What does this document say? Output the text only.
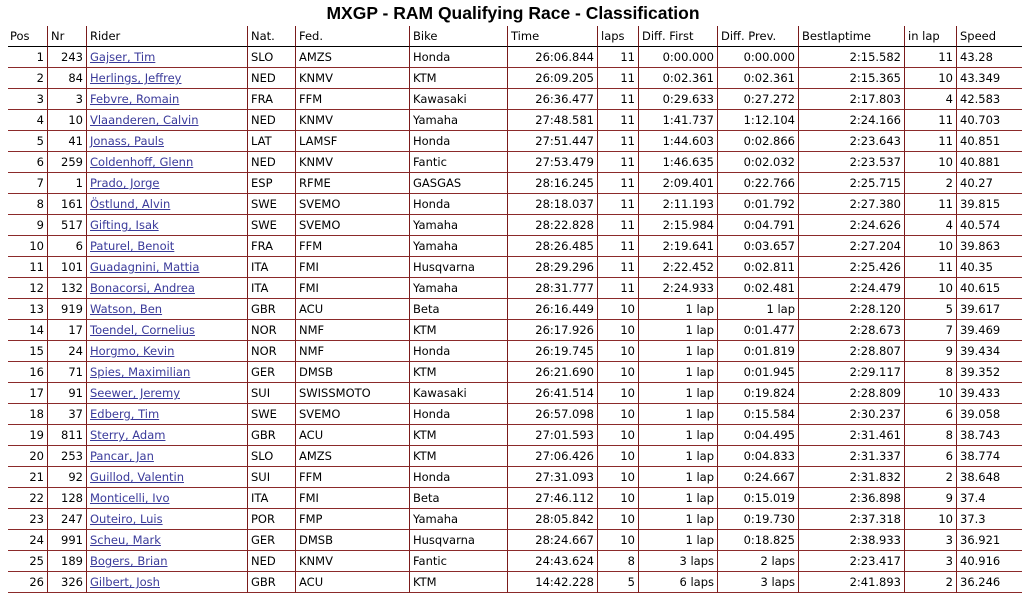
MXGP - RAM Qualifying Race - Classification
Pos	Nr	Rider	Nat.	Fed.	Bike	Time	laps	Diff. First	Diff. Prev.	Bestlaptime	in lap	Speed
1	243	Gajser, Tim	SLO	AMZS	Honda	26:06.844	11	0:00.000	0:00.000	2:15.582	11	43.28
2	84	Herlings, Jeffrey	NED	KNMV	KTM	26:09.205	11	0:02.361	0:02.361	2:15.365	10	43.349
3	3	Febvre, Romain	FRA	FFM	Kawasaki	26:36.477	11	0:29.633	0:27.272	2:17.803	4	42.583
4	10	Vlaanderen, Calvin	NED	KNMV	Yamaha	27:48.581	11	1:41.737	1:12.104	2:24.166	11	40.703
5	41	Jonass, Pauls	LAT	LAMSF	Honda	27:51.447	11	1:44.603	0:02.866	2:23.643	11	40.851
6	259	Coldenhoff, Glenn	NED	KNMV	Fantic	27:53.479	11	1:46.635	0:02.032	2:23.537	10	40.881
7	1	Prado, Jorge	ESP	RFME	GASGAS	28:16.245	11	2:09.401	0:22.766	2:25.715	2	40.27
8	161	Östlund, Alvin	SWE	SVEMO	Honda	28:18.037	11	2:11.193	0:01.792	2:27.380	11	39.815
9	517	Gifting, Isak	SWE	SVEMO	Yamaha	28:22.828	11	2:15.984	0:04.791	2:24.626	4	40.574
10	6	Paturel, Benoit	FRA	FFM	Yamaha	28:26.485	11	2:19.641	0:03.657	2:27.204	10	39.863
11	101	Guadagnini, Mattia	ITA	FMI	Husqvarna	28:29.296	11	2:22.452	0:02.811	2:25.426	11	40.35
12	132	Bonacorsi, Andrea	ITA	FMI	Yamaha	28:31.777	11	2:24.933	0:02.481	2:24.479	10	40.615
13	919	Watson, Ben	GBR	ACU	Beta	26:16.449	10	1 lap	1 lap	2:28.120	5	39.617
14	17	Toendel, Cornelius	NOR	NMF	KTM	26:17.926	10	1 lap	0:01.477	2:28.673	7	39.469
15	24	Horgmo, Kevin	NOR	NMF	Honda	26:19.745	10	1 lap	0:01.819	2:28.807	9	39.434
16	71	Spies, Maximilian	GER	DMSB	KTM	26:21.690	10	1 lap	0:01.945	2:29.117	8	39.352
17	91	Seewer, Jeremy	SUI	SWISSMOTO	Kawasaki	26:41.514	10	1 lap	0:19.824	2:28.809	10	39.433
18	37	Edberg, Tim	SWE	SVEMO	Honda	26:57.098	10	1 lap	0:15.584	2:30.237	6	39.058
19	811	Sterry, Adam	GBR	ACU	KTM	27:01.593	10	1 lap	0:04.495	2:31.461	8	38.743
20	253	Pancar, Jan	SLO	AMZS	KTM	27:06.426	10	1 lap	0:04.833	2:31.337	6	38.774
21	92	Guillod, Valentin	SUI	FFM	Honda	27:31.093	10	1 lap	0:24.667	2:31.832	2	38.648
22	128	Monticelli, Ivo	ITA	FMI	Beta	27:46.112	10	1 lap	0:15.019	2:36.898	9	37.4
23	247	Outeiro, Luis	POR	FMP	Yamaha	28:05.842	10	1 lap	0:19.730	2:37.318	10	37.3
24	991	Scheu, Mark	GER	DMSB	Husqvarna	28:24.667	10	1 lap	0:18.825	2:38.933	3	36.921
25	189	Bogers, Brian	NED	KNMV	Fantic	24:43.624	8	3 laps	2 laps	2:23.417	3	40.916
26	326	Gilbert, Josh	GBR	ACU	KTM	14:42.228	5	6 laps	3 laps	2:41.893	2	36.246
